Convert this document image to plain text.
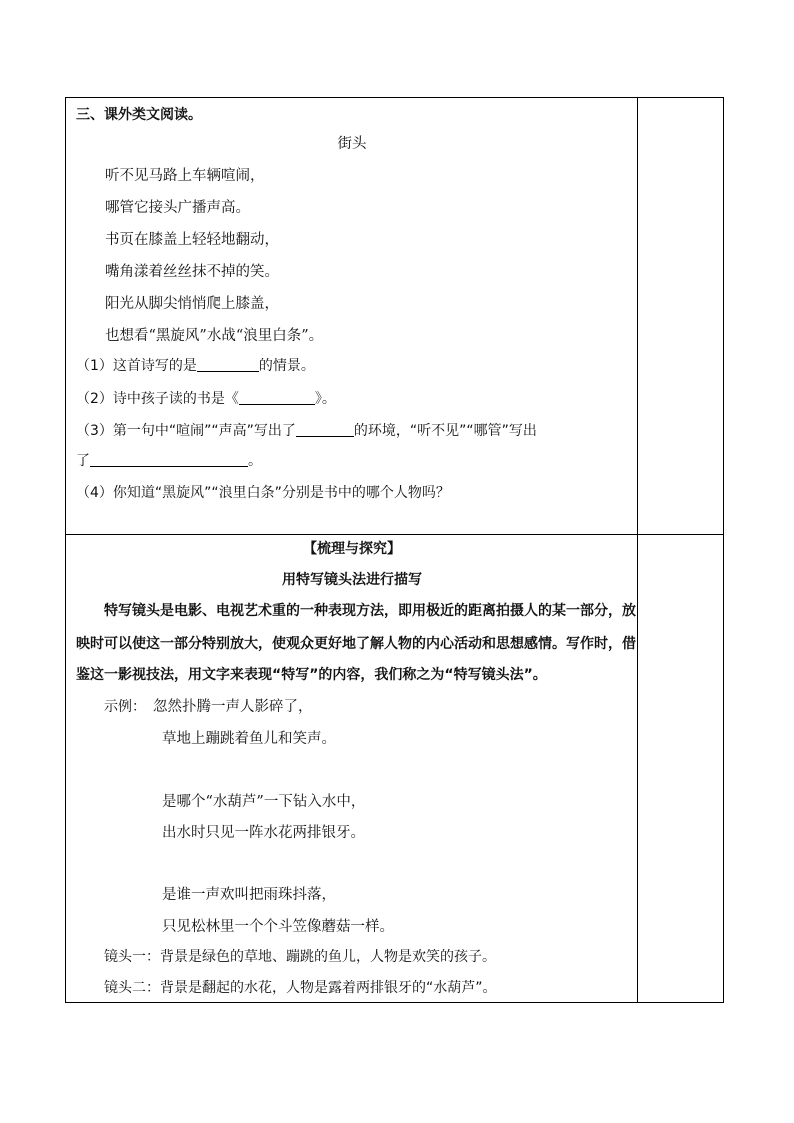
三、课外类文阅读。
街头
听不见马路上车辆喧闹，
哪管它接头广播声高。
书页在膝盖上轻轻地翻动，
嘴角漾着丝丝抹不掉的笑。
阳光从脚尖悄悄爬上膝盖，
也想看“黑旋风”水战“浪里白条”。
（1）这首诗写的是	的情景。
（2）诗中孩子读的书是《	》。
（3）第一句中“喧闹”“声高”写出了	的环境，“听不见”“哪管”写出
了	。
（4）你知道“黑旋风”“浪里白条”分别是书中的哪个人物吗？
【梳理与探究】
用特写镜头法进行描写
特写镜头是电影、电视艺术重的一种表现方法，即用极近的距离拍摄人的某一部分，放
映时可以使这一部分特别放大，使观众更好地了解人物的内心活动和思想感情。写作时，借
鉴这一影视技法，用文字来表现“特写”的内容，我们称之为“特写镜头法”。
示例： 忽然扑腾一声人影碎了，
草地上蹦跳着鱼儿和笑声。
是哪个“水葫芦”一下钻入水中，
出水时只见一阵水花两排银牙。
是谁一声欢叫把雨珠抖落，
只见松林里一个个斗笠像蘑菇一样。
镜头一：背景是绿色的草地、蹦跳的鱼儿，人物是欢笑的孩子。
镜头二：背景是翻起的水花，人物是露着两排银牙的“水葫芦”。
